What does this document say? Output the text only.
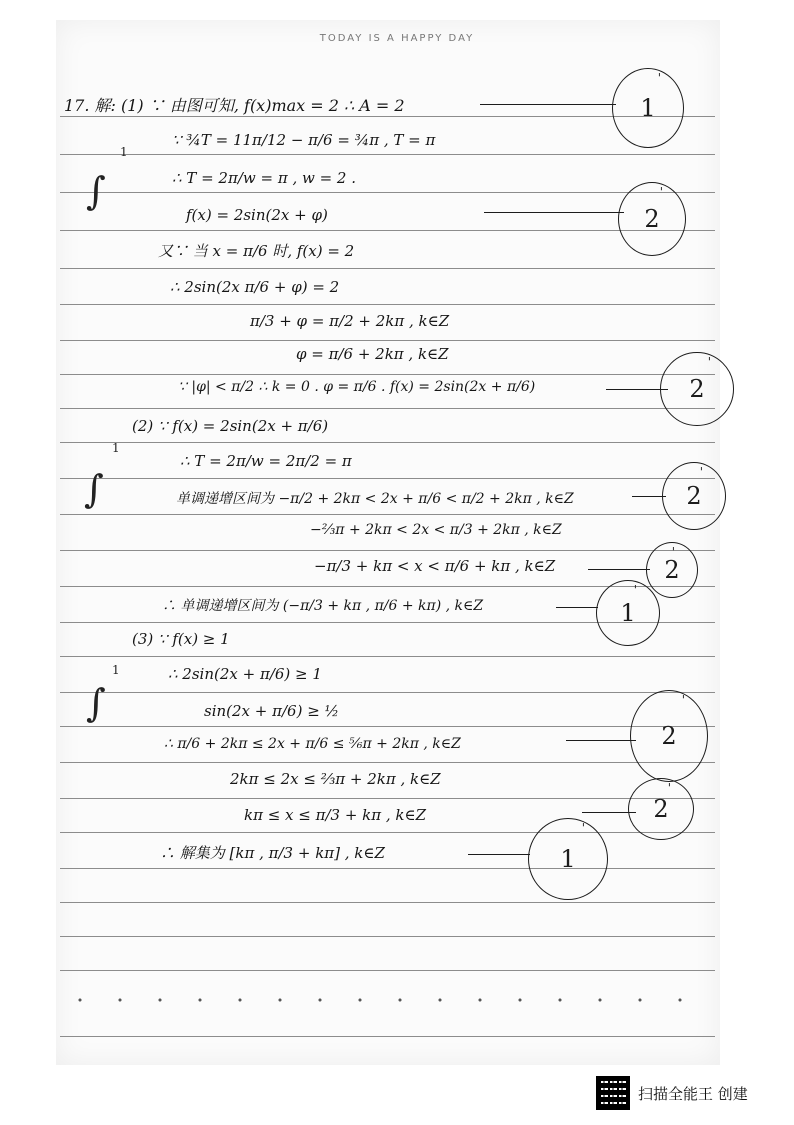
TODAY IS A HAPPY DAY
17. 解: (1) ∵ 由图可知, f(x)max = 2 ∴ A = 2
∵ ¾T = 11π/12 − π/6 = ¾π , T = π
∴ T = 2π/w = π , w = 2 .
f(x) = 2sin(2x + φ)
又∵ 当 x = π/6 时, f(x) = 2
∴ 2sin(2x π/6 + φ) = 2
π/3 + φ = π/2 + 2kπ , k∈Z
φ = π/6 + 2kπ , k∈Z
∵ |φ| < π/2 ∴ k = 0 . φ = π/6 . f(x) = 2sin(2x + π/6)
(2) ∵ f(x) = 2sin(2x + π/6)
∴ T = 2π/w = 2π/2 = π
单调递增区间为 −π/2 + 2kπ < 2x + π/6 < π/2 + 2kπ , k∈Z
−⅔π + 2kπ < 2x < π/3 + 2kπ , k∈Z
−π/3 + kπ < x < π/6 + kπ , k∈Z
∴ 单调递增区间为 (−π/3 + kπ , π/6 + kπ) , k∈Z
(3) ∵ f(x) ≥ 1
∴ 2sin(2x + π/6) ≥ 1
sin(2x + π/6) ≥ ½
∴ π/6 + 2kπ ≤ 2x + π/6 ≤ ⅚π + 2kπ , k∈Z
2kπ ≤ 2x ≤ ⅔π + 2kπ , k∈Z
kπ ≤ x ≤ π/3 + kπ , k∈Z
∴ 解集为 [kπ , π/3 + kπ] , k∈Z
1
∫
1
∫
1
∫
1
'
2
'
2
'
2
'
2
'
1
'
2
'
2
'
1
'
扫描全能王 创建
